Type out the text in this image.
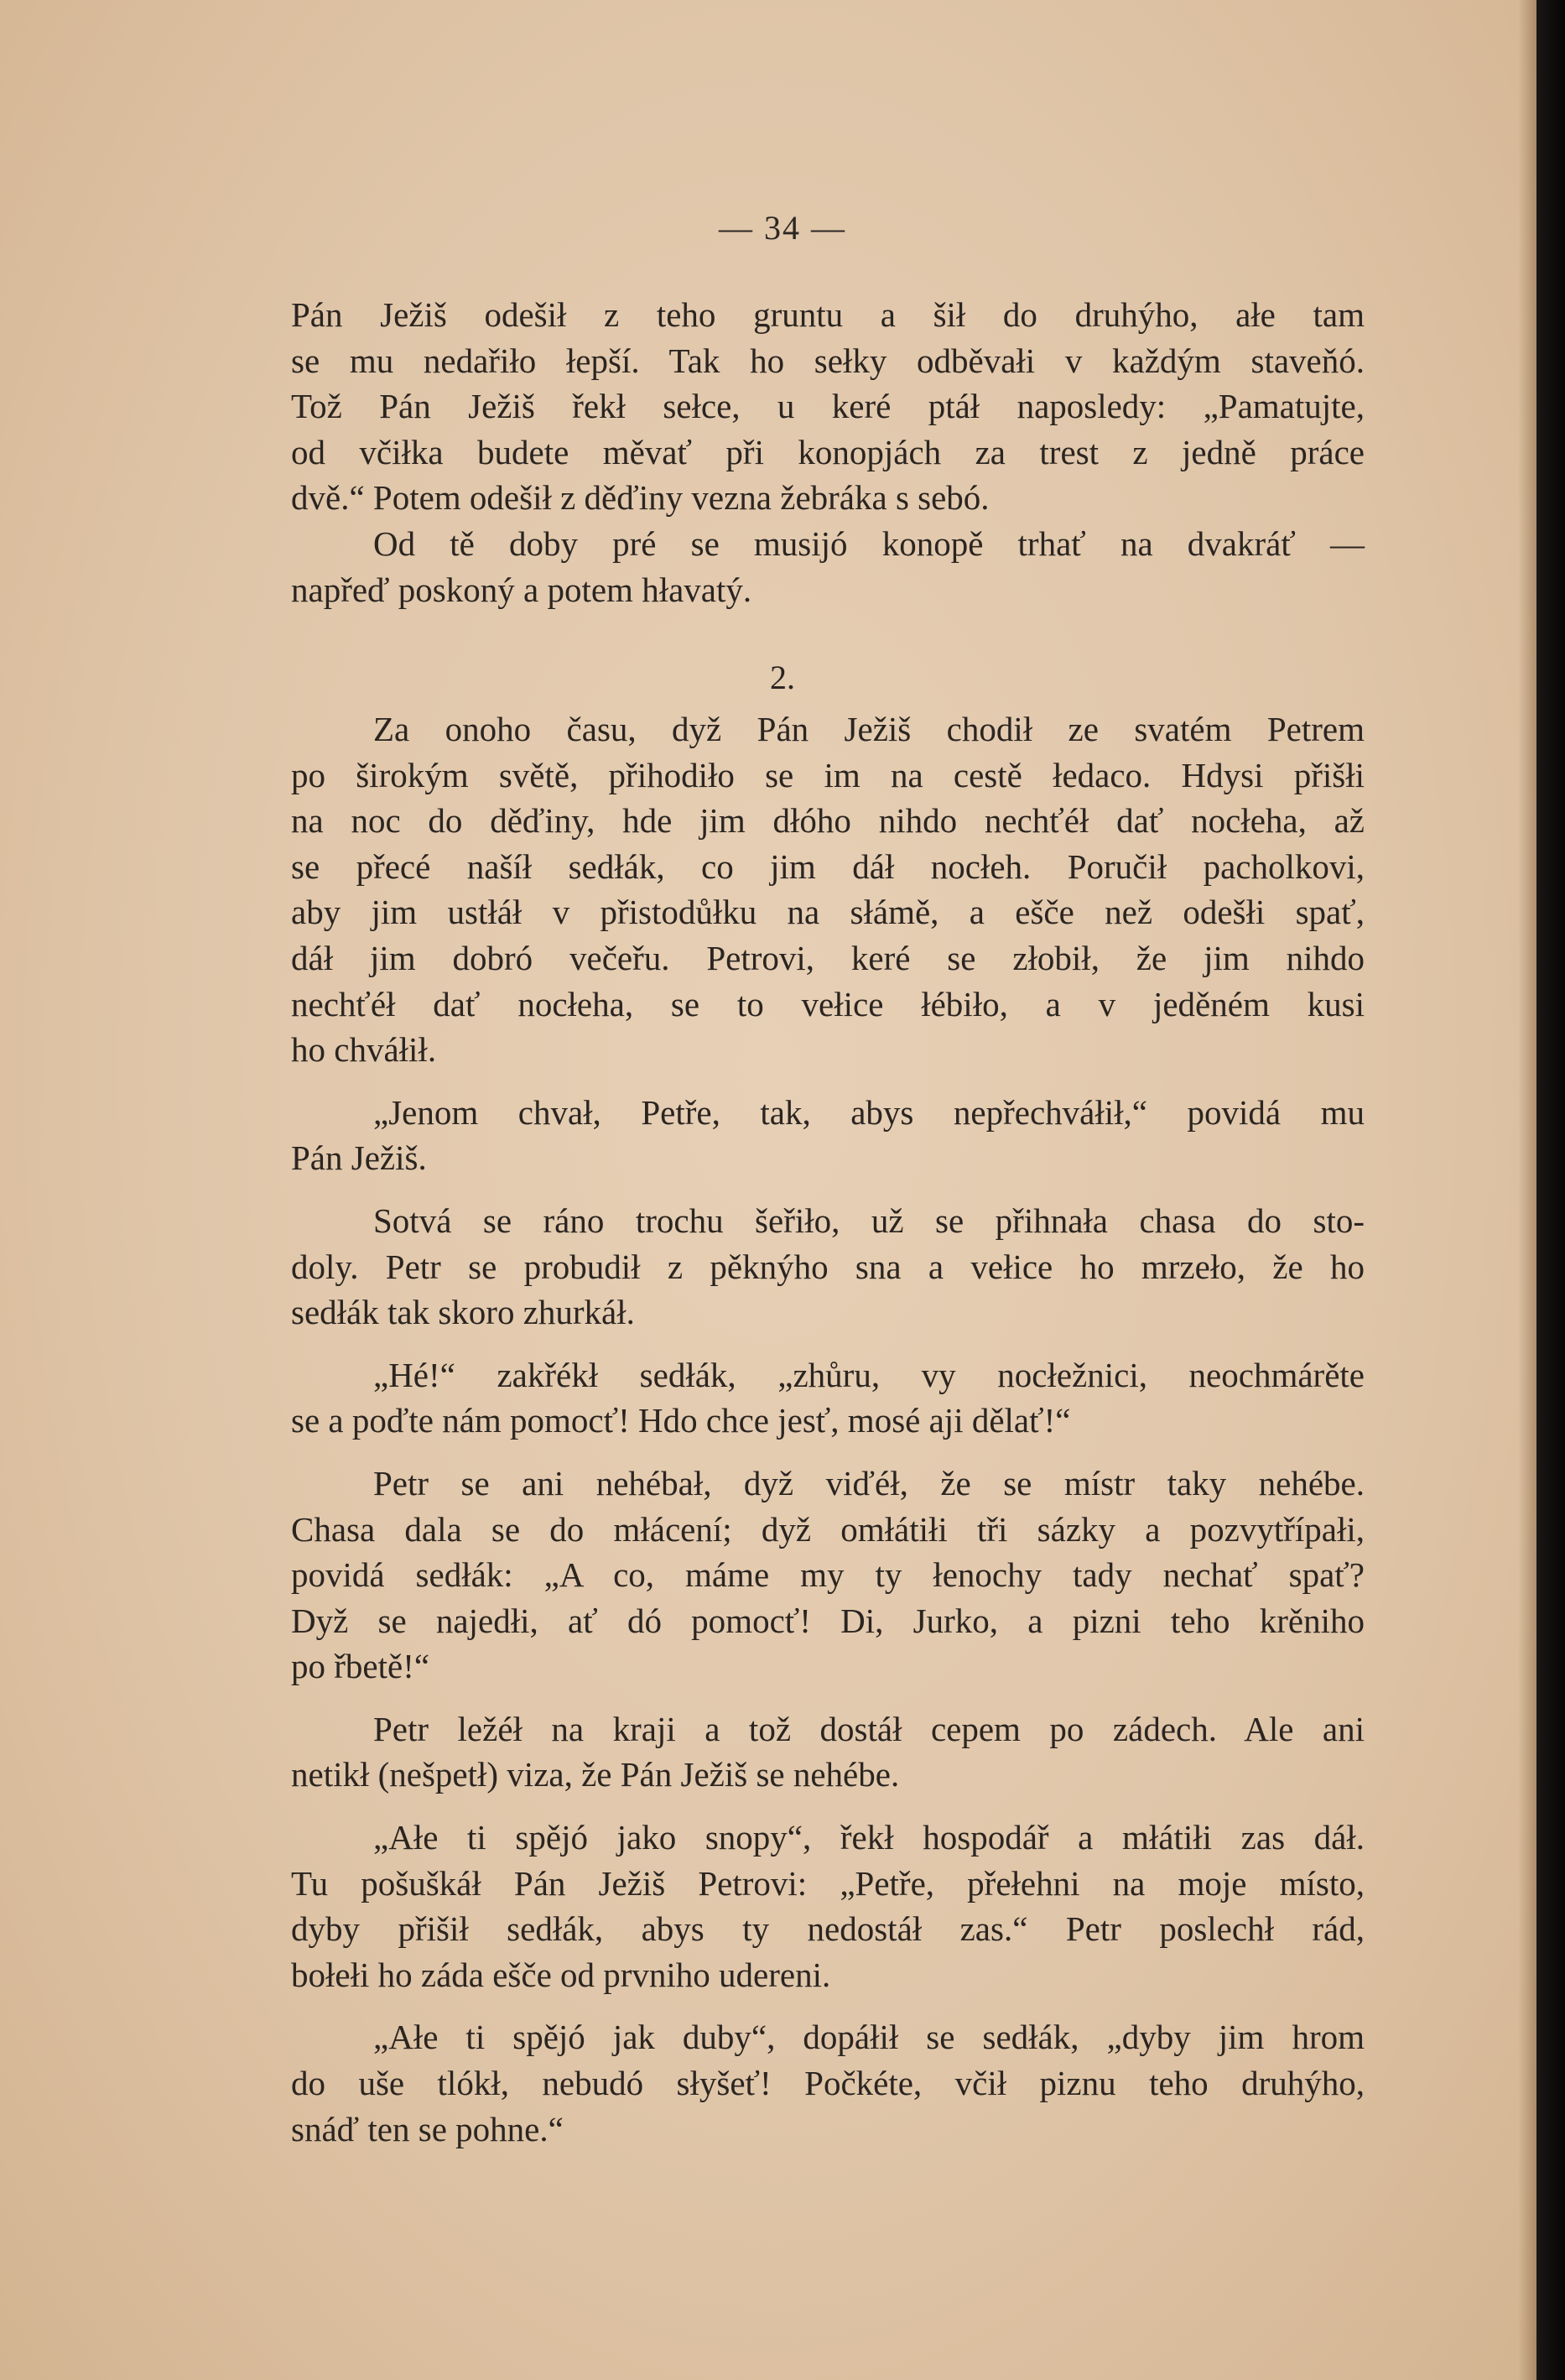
— 34 —
Pán Ježiš odešił z teho gruntu a šił do druhýho, ałe tam
se mu nedařiło łepší. Tak ho sełky odběvałi v každým staveňó.
Tož Pán Ježiš řekł sełce, u keré ptáł naposledy: „Pamatujte,
od včiłka budete měvať při konopjách za trest z jedně práce
dvě.“ Potem odešił z děďiny vezna žebráka s sebó.
Od tě doby pré se musijó konopě trhať na dvakráť —
napřeď poskoný a potem hłavatý.
2.
Za onoho času, dyž Pán Ježiš chodił ze svatém Petrem
po širokým světě, přihodiło se im na cestě łedaco. Hdysi přišłi
na noc do děďiny, hde jim dłóho nihdo nechťéł dať nocłeha, až
se přecé našíł sedłák, co jim dáł nocłeh. Poručił pacholkovi,
aby jim ustłáł v přistodůłku na słámě, a ešče než odešłi spať,
dáł jim dobró večeřu. Petrovi, keré se złobił, že jim nihdo
nechťéł dať nocłeha, se to vełice łébiło, a v jeděném kusi
ho chváłił.
„Jenom chvał, Petře, tak, abys nepřechváłił,“ povidá mu
Pán Ježiš.
Sotvá se ráno trochu šeřiło, už se přihnała chasa do sto-
doly. Petr se probudił z pěknýho sna a vełice ho mrzeło, že ho
sedłák tak skoro zhurkáł.
„Hé!“ zakřékł sedłák, „zhůru, vy nocłežnici, neochmárěte
se a poďte nám pomocť! Hdo chce jesť, mosé aji dělať!“
Petr se ani nehébał, dyž viďéł, že se místr taky nehébe.
Chasa dala se do młácení; dyž omłátiłi tři sázky a pozvytřípałi,
povidá sedłák: „A co, máme my ty łenochy tady nechať spať?
Dyž se najedłi, ať dó pomocť! Di, Jurko, a pizni teho krěniho
po řbetě!“
Petr ležéł na kraji a tož dostáł cepem po zádech. Ale ani
netikł (nešpetł) viza, že Pán Ježiš se nehébe.
„Ałe ti spějó jako snopy“, řekł hospodář a młátiłi zas dáł.
Tu pošuškáł Pán Ježiš Petrovi: „Petře, přełehni na moje místo,
dyby přišił sedłák, abys ty nedostáł zas.“ Petr poslechł rád,
bołełi ho záda ešče od prvniho udereni.
„Ałe ti spějó jak duby“, dopáłił se sedłák, „dyby jim hrom
do uše tlókł, nebudó słyšeť! Počkéte, včił piznu teho druhýho,
snáď ten se pohne.“
